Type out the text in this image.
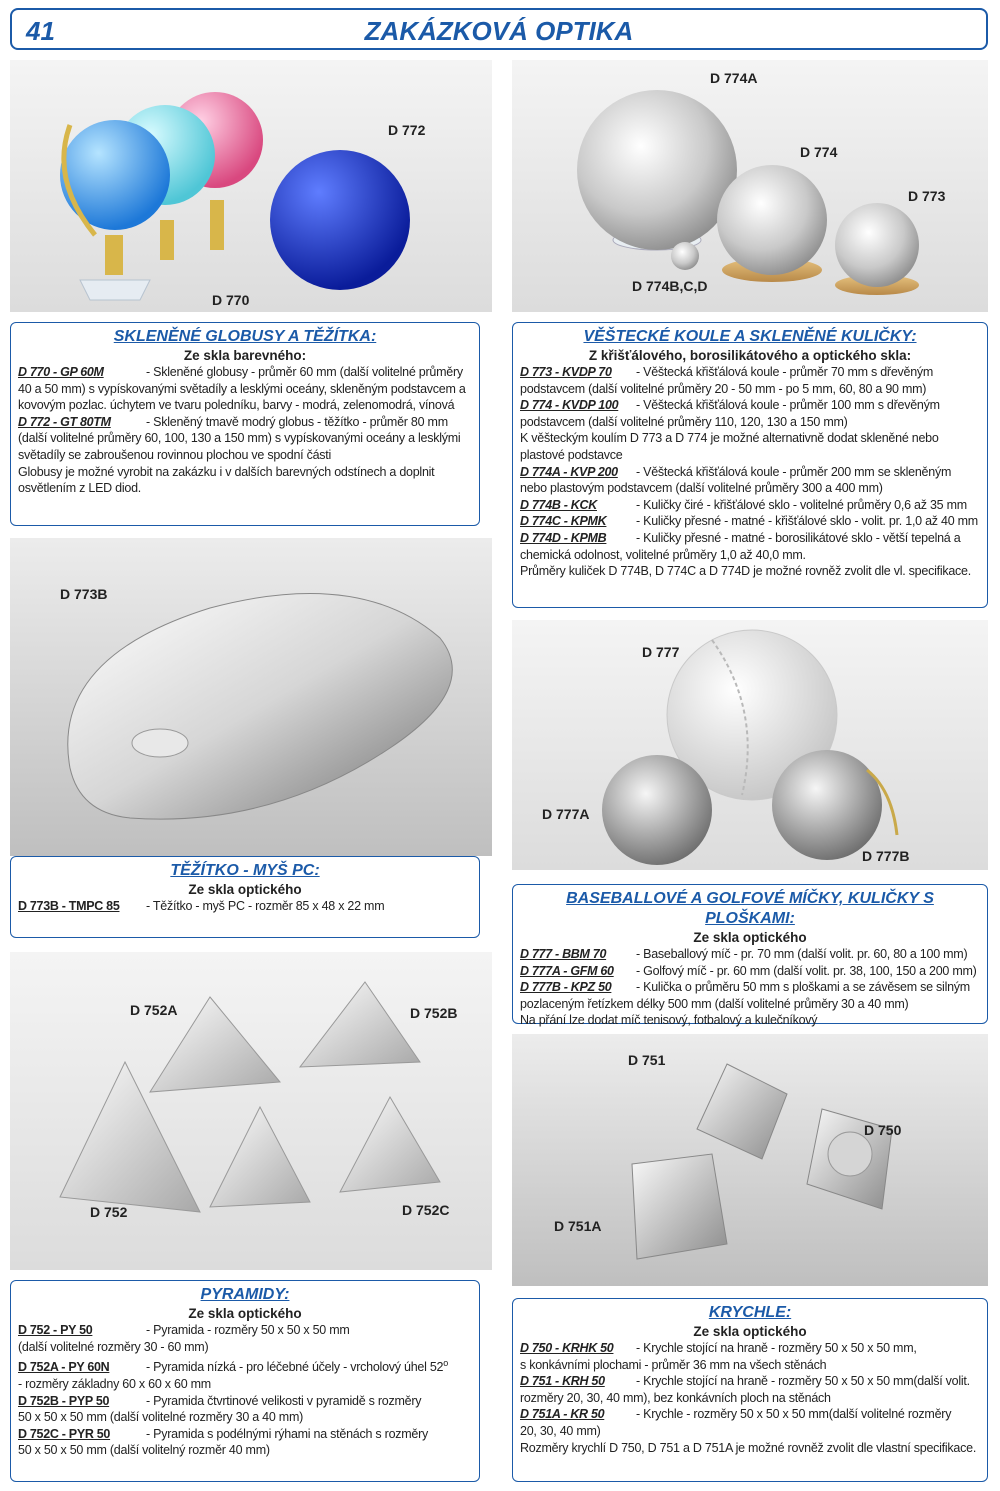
41	ZAKÁZKOVÁ OPTIKA
D 772
D 770
D 774A
D 774
D 773
D 774B,C,D
SKLENĚNÉ GLOBUSY A TĚŽÍTKA:
Ze skla barevného:
D 770 - GP 60M	- Skleněné globusy - průměr 60 mm (další volitelné průměry
40 a 50 mm) s vypískovanými světadíly a lesklými oceány, skleněným podstavcem a kovovým pozlac. úchytem ve tvaru poledníku, barvy - modrá, zelenomodrá, vínová
D 772 - GT 80TM	- Skleněný tmavě modrý globus - těžítko - průměr 80 mm
(další volitelné průměry 60, 100, 130 a 150 mm) s vypískovanými oceány a lesklými světadíly se zabroušenou rovinnou plochou ve spodní části
Globusy je možné vyrobit na zakázku i v dalších barevných odstínech a doplnit osvětlením z LED diod.
VĚŠTECKÉ KOULE A SKLENĚNÉ KULIČKY:
Z křišťálového, borosilikátového a optického skla:
D 773 - KVDP 70 - Věštecká křišťálová koule - průměr 70 mm s dřevěným
podstavcem (další volitelné průměry 20 - 50 mm - po 5 mm, 60, 80 a 90 mm)
D 774 - KVDP 100 - Věštecká křišťálová koule - průměr 100 mm s dřevěným
podstavcem (další volitelné průměry 110, 120, 130 a 150 mm)
K věšteckým koulím D 773 a D 774 je možné alternativně dodat skleněné nebo plastové podstavce
D 774A - KVP 200 - Věštecká křišťálová koule - průměr 200 mm se skleněným
nebo plastovým podstavcem (další volitelné průměry 300 a 400 mm)
D 774B - KCK	- Kuličky čiré - křišťálové sklo - volitelné průměry 0,6 až 35 mm
D 774C - KPMK - Kuličky přesné - matné - křišťálové sklo - volit. pr. 1,0 až 40 mm
D 774D - KPMB - Kuličky přesné - matné - borosilikátové sklo - větší tepelná a
chemická odolnost, volitelné průměry 1,0 až 40,0 mm.
Průměry kuliček D 774B, D 774C a D 774D je možné rovněž zvolit dle vl. specifikace.
D 773B
D 777
D 777A
D 777B
TĚŽÍTKO - MYŠ PC:
Ze skla optického
D 773B - TMPC 85 - Těžítko - myš PC - rozměr 85 x 48 x 22 mm	BASEBALLOVÉ A GOLFOVÉ MÍČKY, KULIČKY S PLOŠKAMI:
Ze skla optického
D 777 - BBM 70 - Baseballový míč - pr. 70 mm (další volit. pr. 60, 80 a 100 mm)
D 777A - GFM 60 - Golfový míč - pr. 60 mm (další volit. pr. 38, 100, 150 a 200 mm)
D 777B - KPZ 50 - Kulička o průměru 50 mm s ploškami a se závěsem se silným
pozlaceným řetízkem délky 500 mm (další volitelné průměry 30 a 40 mm)
Na přání lze dodat míč tenisový, fotbalový a kulečníkový
D 752A	D 752B
D 752	D 752C
D 751
D 750
D 751A
PYRAMIDY:
Ze skla optického
D 752 - PY 50	- Pyramida - rozměry 50 x 50 x 50 mm
(další volitelné rozměry 30 - 60 mm)
D 752A - PY 60N	- Pyramida nízká - pro léčebné účely - vrcholový úhel 52$^o$
- rozměry základny 60 x 60 x 60 mm
D 752B - PYP 50	- Pyramida čtvrtinové velikosti v pyramidě s rozměry
50 x 50 x 50 mm (další volitelné rozměry 30 a 40 mm)
D 752C - PYR 50	- Pyramida s podélnými rýhami na stěnách s rozměry
50 x 50 x 50 mm (další volitelný rozměr 40 mm)
KRYCHLE:
Ze skla optického
D 750 - KRHK 50 - Krychle stojící na hraně - rozměry 50 x 50 x 50 mm,
s konkávními plochami - průměr 36 mm na všech stěnách
D 751 - KRH 50	- Krychle stojící na hraně - rozměry 50 x 50 x 50 mm(další volit.
rozměry 20, 30, 40 mm), bez konkávních ploch na stěnách
D 751A - KR 50	- Krychle - rozměry 50 x 50 x 50 mm(další volitelné rozměry
20, 30, 40 mm)
Rozměry krychlí D 750, D 751 a D 751A je možné rovněž zvolit dle vlastní specifikace.
